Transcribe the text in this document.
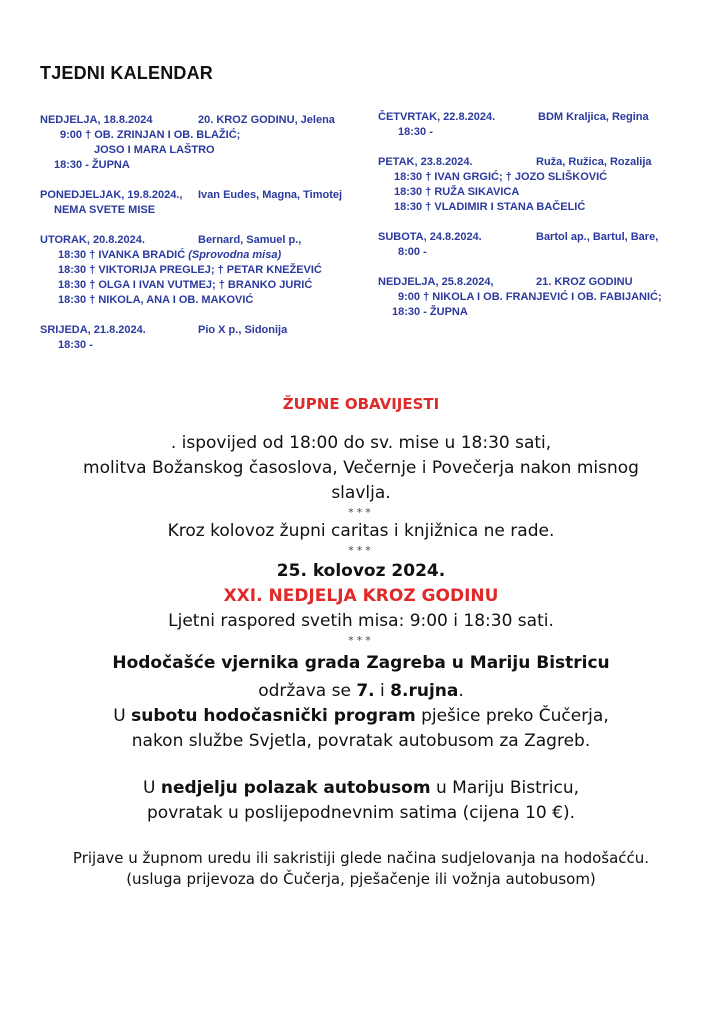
TJEDNI KALENDAR
NEDJELJA, 18.8.2024	20. KROZ GODINU, Jelena
9:00 † OB. ZRINJAN I OB. BLAŽIĆ;
JOSO I MARA LAŠTRO
18:30 - ŽUPNA
PONEDJELJAK, 19.8.2024., Ivan Eudes, Magna, Timotej
NEMA SVETE MISE
UTORAK, 20.8.2024.	Bernard, Samuel p.,
18:30 † IVANKA BRADIĆ (Sprovodna misa)
18:30 † VIKTORIJA PREGLEJ; † PETAR KNEŽEVIĆ
18:30 † OLGA I IVAN VUTMEJ; † BRANKO JURIĆ
18:30 † NIKOLA, ANA I OB. MAKOVIĆ
SRIJEDA, 21.8.2024.	Pio X p., Sidonija
18:30 -
ČETVRTAK, 22.8.2024.	BDM Kraljica, Regina
18:30 -
PETAK, 23.8.2024.	Ruža, Ružica, Rozalija
18:30 † IVAN GRGIĆ; † JOZO SLIŠKOVIĆ
18:30 † RUŽA SIKAVICA
18:30 † VLADIMIR I STANA BAČELIĆ
SUBOTA, 24.8.2024.	Bartol ap., Bartul, Bare,
8:00 -
NEDJELJA, 25.8.2024,	21. KROZ GODINU
9:00 † NIKOLA I OB. FRANJEVIĆ I OB. FABIJANIĆ;
18:30 - ŽUPNA
ŽUPNE OBAVIJESTI
. ispovijed od 18:00 do sv. mise u 18:30 sati,
molitva Božanskog časoslova, Večernje i Povečerja nakon misnog
slavlja.
***
Kroz kolovoz župni caritas i knjižnica ne rade.
***
25. kolovoz 2024.
XXI. NEDJELJA KROZ GODINU
Ljetni raspored svetih misa: 9:00 i 18:30 sati.
***
Hodočašće vjernika grada Zagreba u Mariju Bistricu
održava se 7. i 8.rujna.
U subotu hodočasnički program pješice preko Čučerja,
nakon službe Svjetla, povratak autobusom za Zagreb.
U nedjelju polazak autobusom u Mariju Bistricu,
povratak u poslijepodnevnim satima (cijena 10 €).
Prijave u župnom uredu ili sakristiji glede načina sudjelovanja na hodošaćću.
(usluga prijevoza do Čučerja, pješačenje ili vožnja autobusom)
